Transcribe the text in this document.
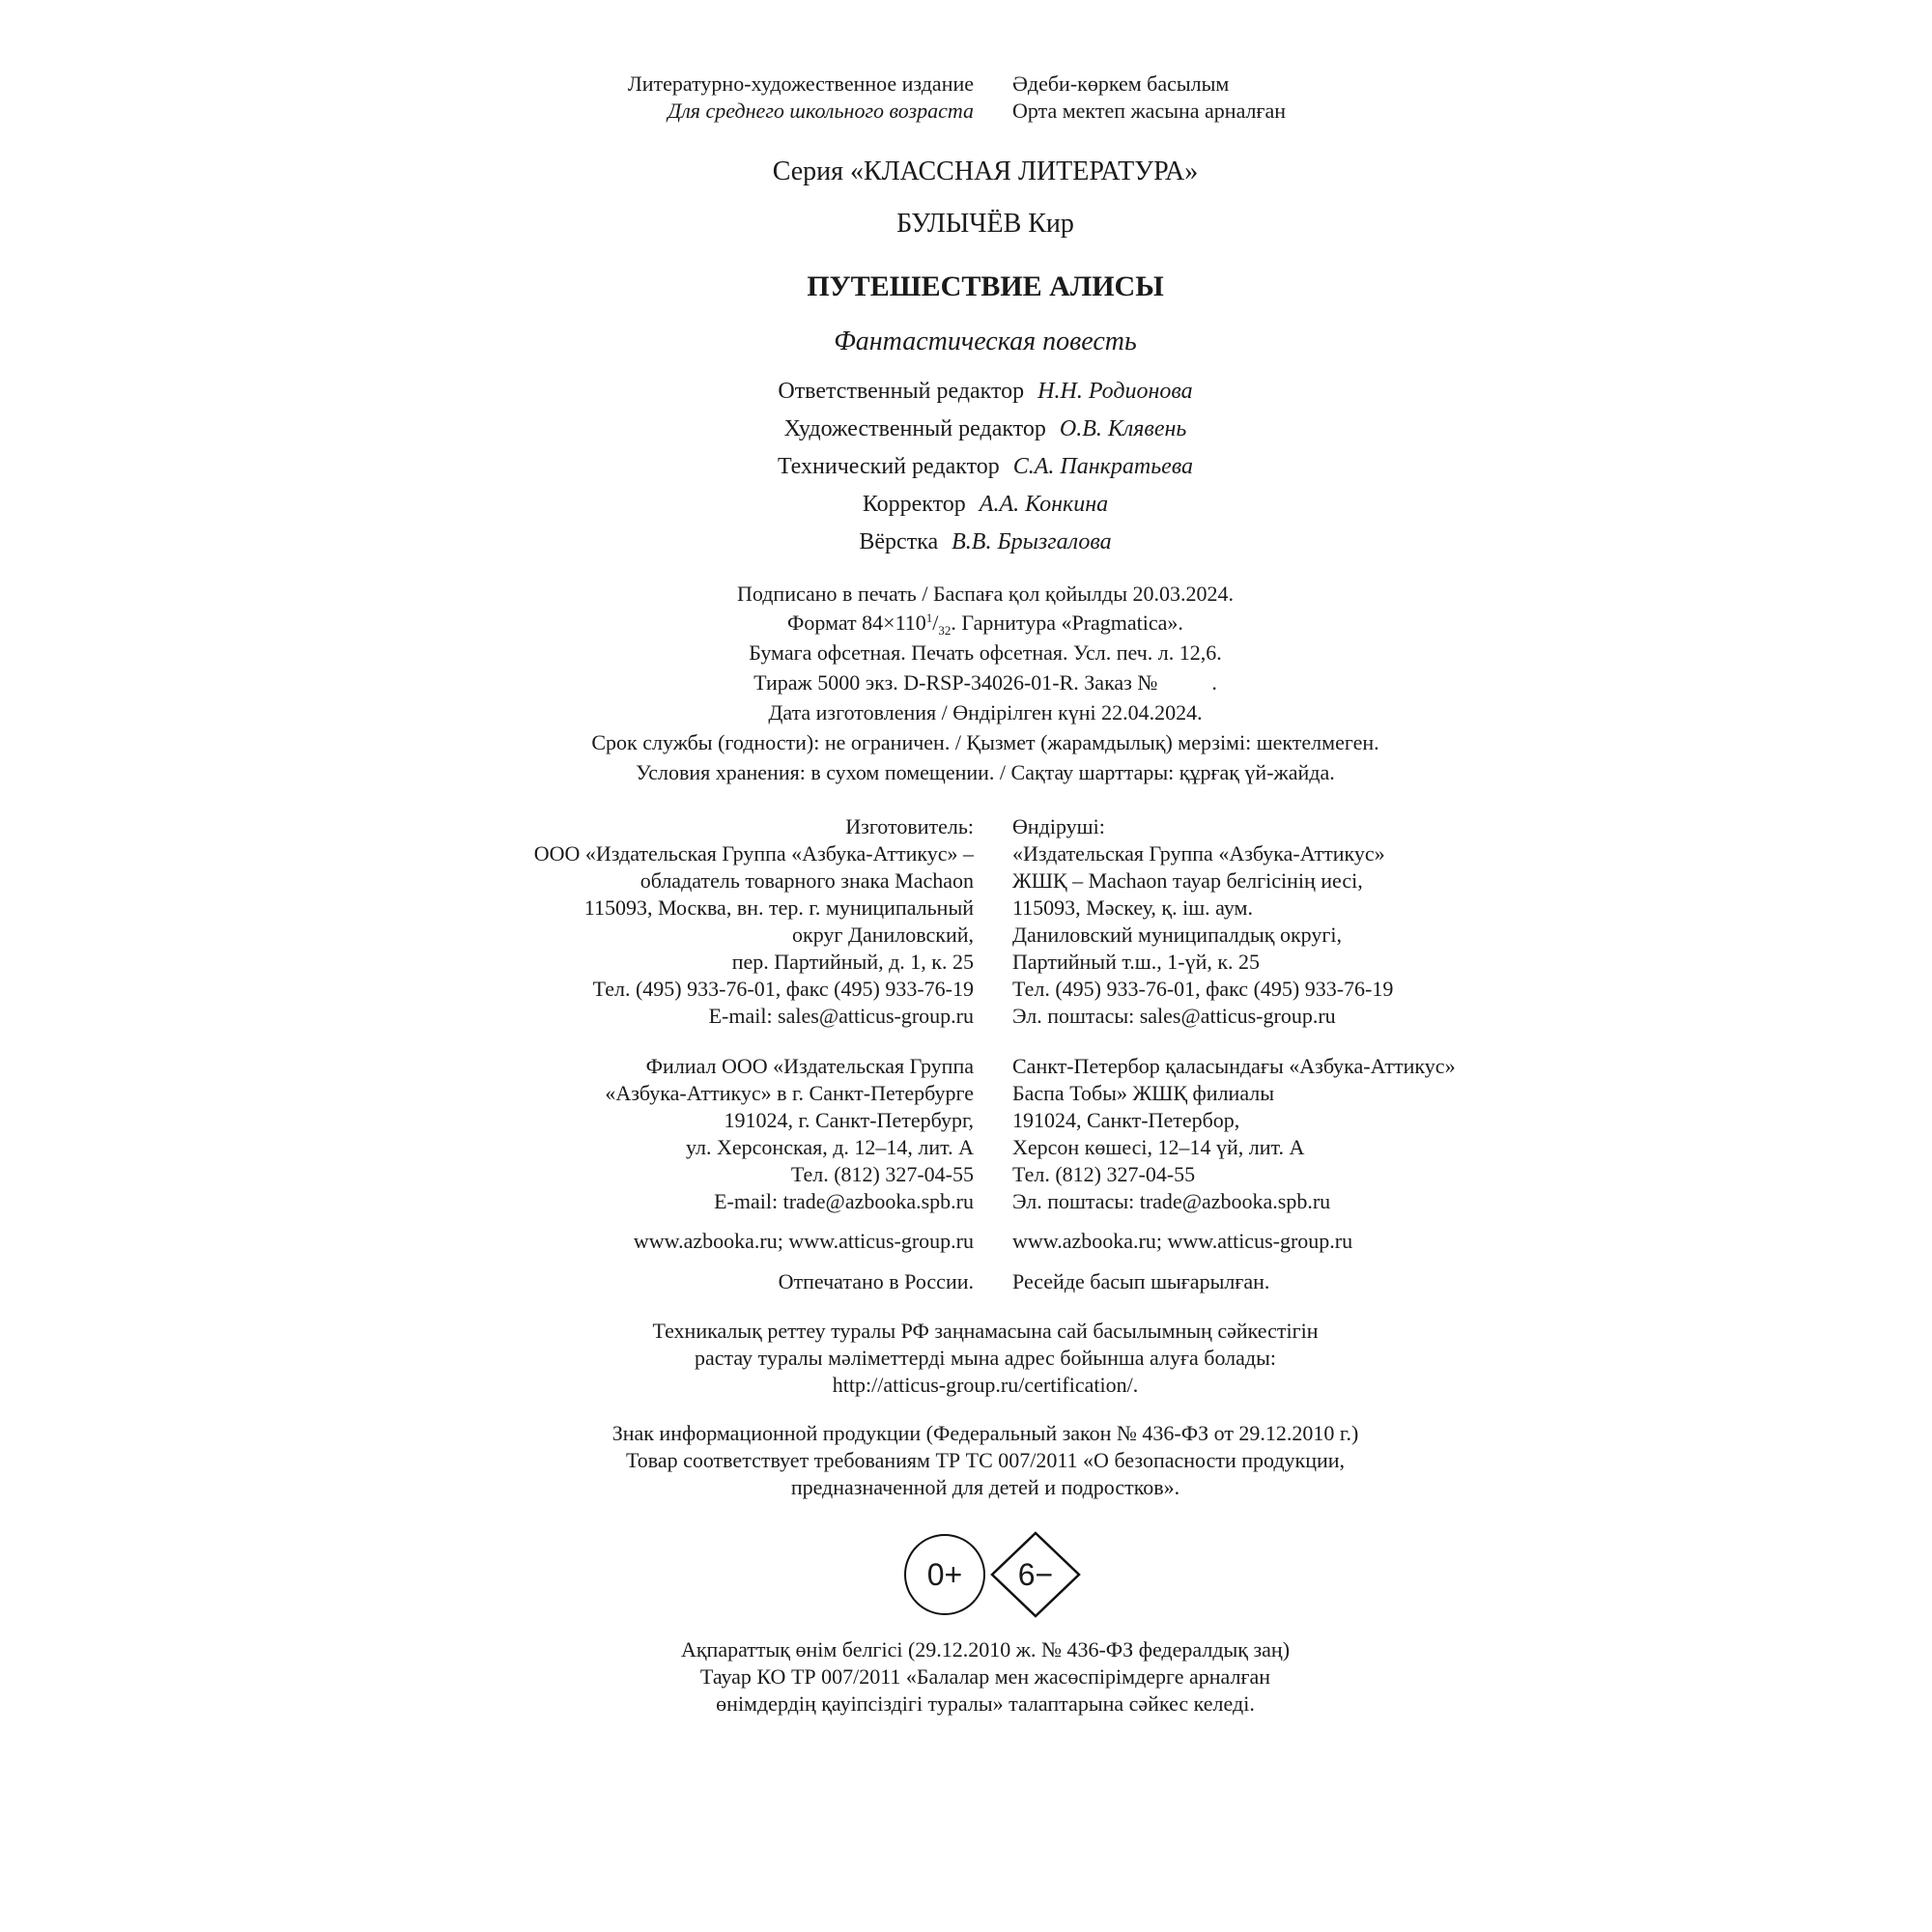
Литературно-художественное издание
Для среднего школьного возраста
Әдеби-көркем басылым
Орта мектеп жасына арналған
Серия «КЛАССНАЯ ЛИТЕРАТУРА»
БУЛЫЧЁВ Кир
ПУТЕШЕСТВИЕ АЛИСЫ
Фантастическая повесть
Ответственный редактор Н.Н. Родионова
Художественный редактор О.В. Клявень
Технический редактор С.А. Панкратьева
Корректор А.А. Конкина
Вёрстка В.В. Брызгалова
Подписано в печать / Баспаға қол қойылды 20.03.2024.
Формат $84\times 110^1/_{32}$. Гарнитура «Pragmatica».
Бумага офсетная. Печать офсетная. Усл. печ. л. 12,6.
Тираж 5000 экз. D-RSP-34026-01-R. Заказ №	.
Дата изготовления / Өндірілген күні 22.04.2024.
Срок службы (годности): не ограничен. / Қызмет (жарамдылық) мерзімі: шектелмеген.
Условия хранения: в сухом помещении. / Сақтау шарттары: құрғақ үй-жайда.
Изготовитель:
ООО «Издательская Группа «Азбука-Аттикус» –
обладатель товарного знака Machaon
115093, Москва, вн. тер. г. муниципальный
округ Даниловский,
пер. Партийный, д. 1, к. 25
Тел. (495) 933-76-01, факс (495) 933-76-19
E-mail: sales@atticus-group.ru
Өндіруші:
«Издательская Группа «Азбука-Аттикус»
ЖШҚ – Machaon тауар белгісінің иесі,
115093, Мәскеу, қ. іш. аум.
Даниловский муниципалдық округі,
Партийный т.ш., 1-үй, к. 25
Тел. (495) 933-76-01, факс (495) 933-76-19
Эл. поштасы: sales@atticus-group.ru
Филиал ООО «Издательская Группа
«Азбука-Аттикус» в г. Санкт-Петербурге
191024, г. Санкт-Петербург,
ул. Херсонская, д. 12–14, лит. А
Тел. (812) 327-04-55
E-mail: trade@azbooka.spb.ru
Санкт-Петербор қаласындағы «Азбука-Аттикус»
Баспа Тобы» ЖШҚ филиалы
191024, Санкт-Петербор,
Херсон көшесі, 12–14 үй, лит. А
Тел. (812) 327-04-55
Эл. поштасы: trade@azbooka.spb.ru
www.azbooka.ru; www.atticus-group.ru www.azbooka.ru; www.atticus-group.ru
Отпечатано в России. Ресейде басып шығарылған.
Техникалық реттеу туралы РФ заңнамасына сай басылымның сәйкестігін
растау туралы мәліметтерді мына адрес бойынша алуға болады:
http://atticus-group.ru/certification/.
Знак информационной продукции (Федеральный закон № 436-ФЗ от 29.12.2010 г.)
Товар соответствует требованиям ТР ТС 007/2011 «О безопасности продукции,
предназначенной для детей и подростков».
0+	6−
Ақпараттық өнім белгісі (29.12.2010 ж. № 436-ФЗ федералдық заң)
Тауар КО ТР 007/2011 «Балалар мен жасөспірімдерге арналған
өнімдердің қауіпсіздігі туралы» талаптарына сәйкес келеді.
